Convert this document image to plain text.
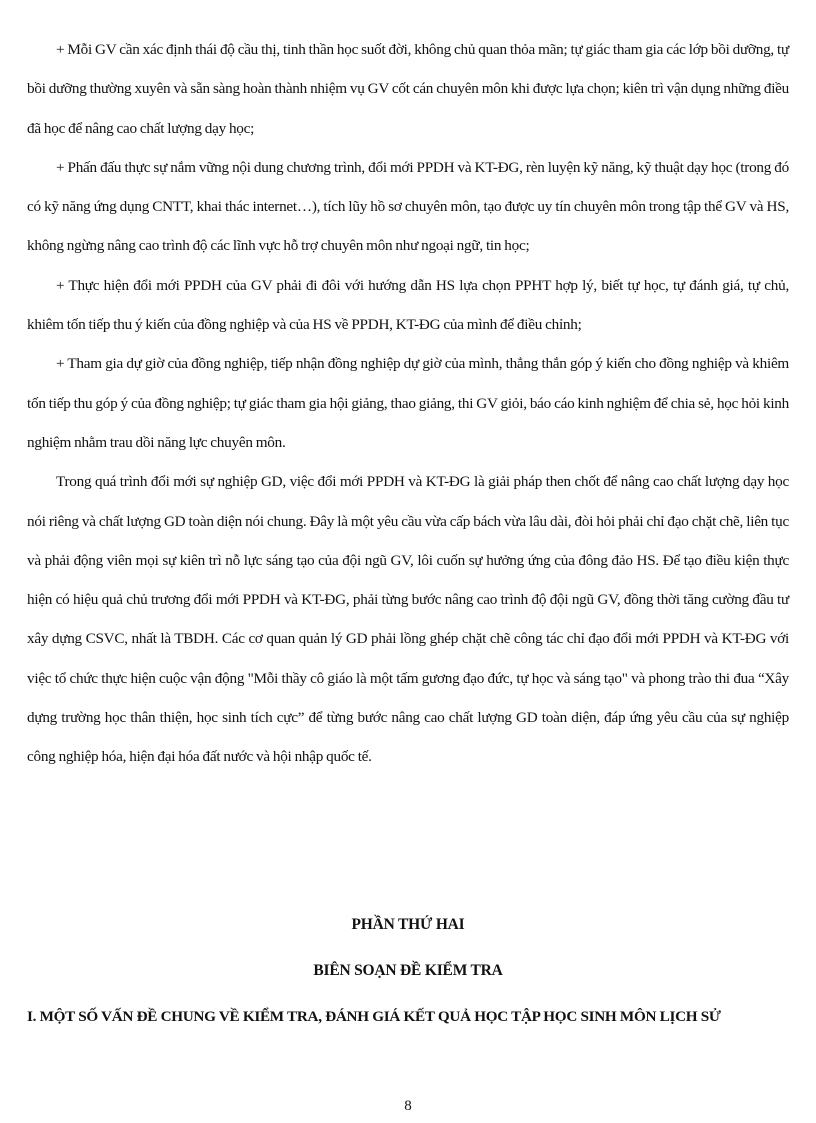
+ Mỗi GV cần xác định thái độ cầu thị, tinh thần học suốt đời, không chủ quan thỏa mãn; tự giác tham gia các lớp bồi dưỡng, tự bồi dưỡng thường xuyên và sẵn sàng hoàn thành nhiệm vụ GV cốt cán chuyên môn khi được lựa chọn; kiên trì vận dụng những điều đã học để nâng cao chất lượng dạy học;

+ Phấn đấu thực sự nắm vững nội dung chương trình, đổi mới PPDH và KT-ĐG, rèn luyện kỹ năng, kỹ thuật dạy học (trong đó có kỹ năng ứng dụng CNTT, khai thác internet…), tích lũy hồ sơ chuyên môn, tạo được uy tín chuyên môn trong tập thể GV và HS, không ngừng nâng cao trình độ các lĩnh vực hỗ trợ chuyên môn như ngoại ngữ, tin học;

+ Thực hiện đổi mới PPDH của GV phải đi đôi với hướng dẫn HS lựa chọn PPHT hợp lý, biết tự học, tự đánh giá, tự chủ, khiêm tốn tiếp thu ý kiến của đồng nghiệp và của HS về PPDH, KT-ĐG của mình để điều chỉnh;

+ Tham gia dự giờ của đồng nghiệp, tiếp nhận đồng nghiệp dự giờ của mình, thẳng thắn góp ý kiến cho đồng nghiệp và khiêm tốn tiếp thu góp ý của đồng nghiệp; tự giác tham gia hội giảng, thao giảng, thi GV giỏi, báo cáo kinh nghiệm để chia sẻ, học hỏi kinh nghiệm nhằm trau dồi năng lực chuyên môn.

Trong quá trình đổi mới sự nghiệp GD, việc đổi mới PPDH và KT-ĐG là giải pháp then chốt để nâng cao chất lượng dạy học nói riêng và chất lượng GD toàn diện nói chung. Đây là một yêu cầu vừa cấp bách vừa lâu dài, đòi hỏi phải chỉ đạo chặt chẽ, liên tục và phải động viên mọi sự kiên trì nỗ lực sáng tạo của đội ngũ GV, lôi cuốn sự hưởng ứng của đông đảo HS. Để tạo điều kiện thực hiện có hiệu quả chủ trương đổi mới PPDH và KT-ĐG, phải từng bước nâng cao trình độ đội ngũ GV, đồng thời tăng cường đầu tư xây dựng CSVC, nhất là TBDH. Các cơ quan quản lý GD phải lồng ghép chặt chẽ công tác chỉ đạo đổi mới PPDH và KT-ĐG với việc tổ chức thực hiện cuộc vận động "Mỗi thầy cô giáo là một tấm gương đạo đức, tự học và sáng tạo" và phong trào thi đua “Xây dựng trường học thân thiện, học sinh tích cực” để từng bước nâng cao chất lượng GD toàn diện, đáp ứng yêu cầu của sự nghiệp công nghiệp hóa, hiện đại hóa đất nước và hội nhập quốc tế.

PHẦN THỨ HAI
BIÊN SOẠN ĐỀ KIỂM TRA
I. MỘT SỐ VẤN ĐỀ CHUNG VỀ KIỂM TRA, ĐÁNH GIÁ KẾT QUẢ HỌC TẬP HỌC SINH MÔN LỊCH SỬ
8
